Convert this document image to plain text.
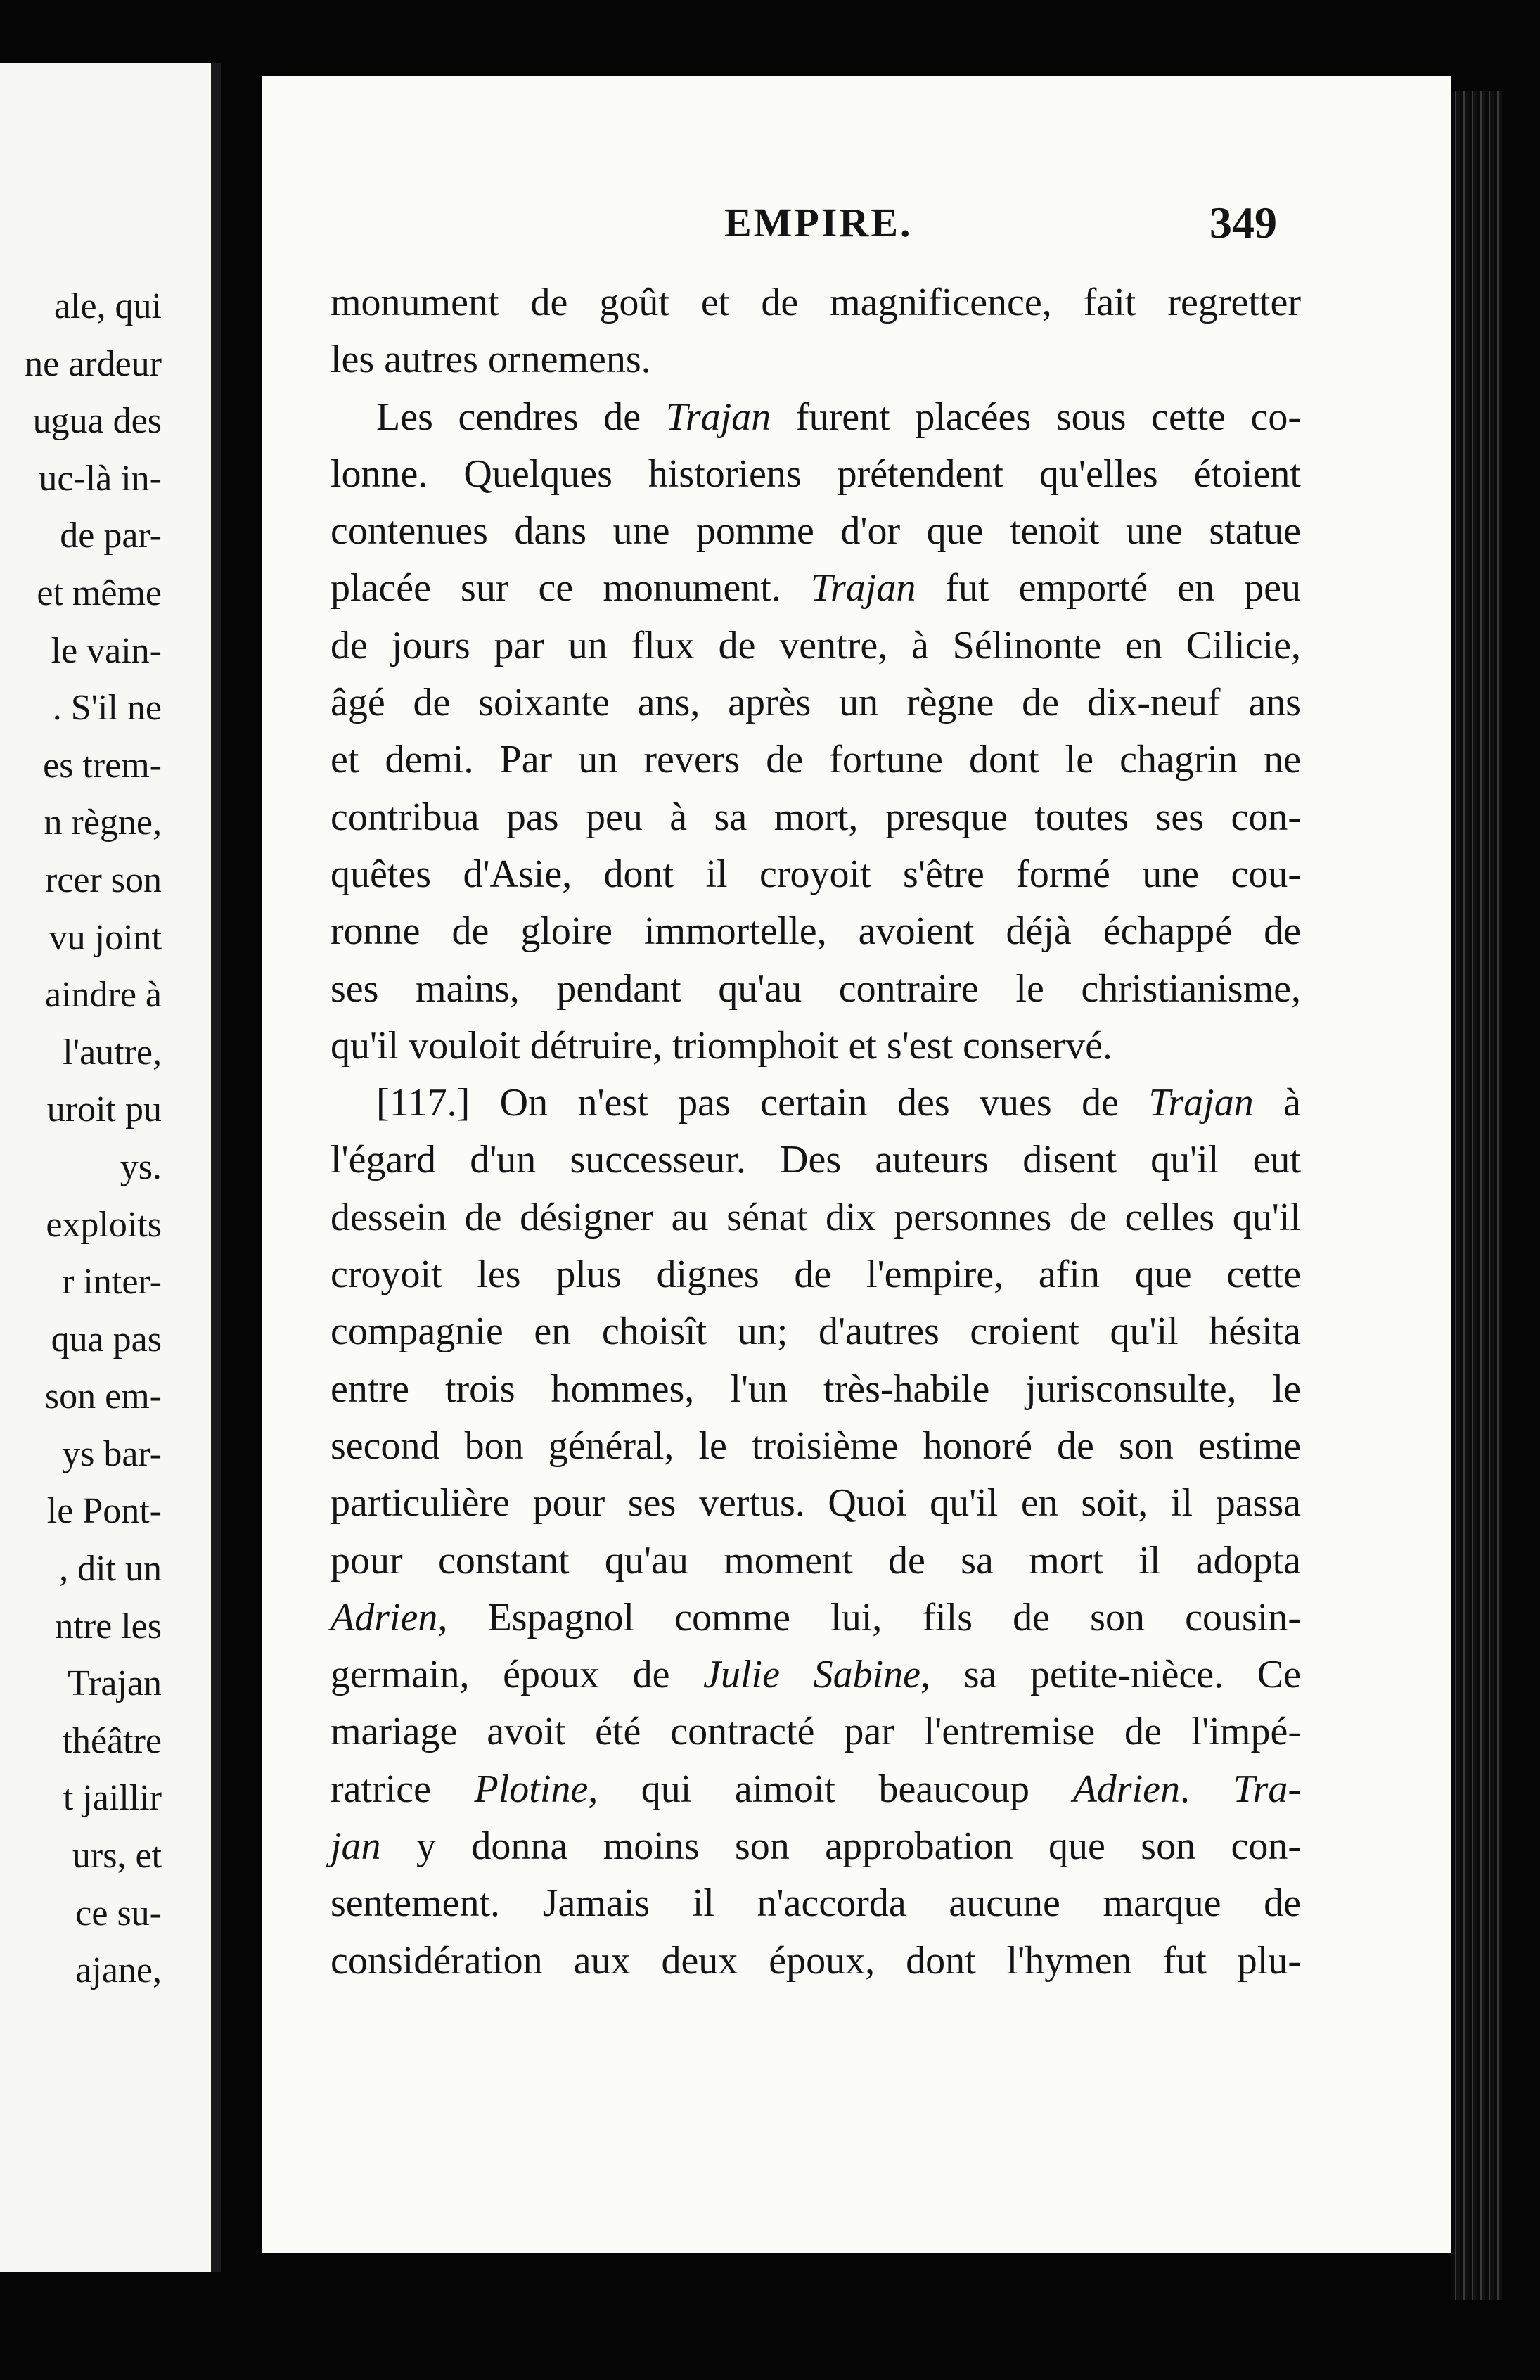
ale, qui
ne ardeur
ugua des
uc-là in-
de par-
et même
le vain-
. S'il ne
es trem-
n règne,
rcer son
vu joint
aindre à
l'autre,
uroit pu
ys.
exploits
r inter-
qua pas
son em-
ys bar-
le Pont-
, dit un
ntre les
Trajan
théâtre
t jaillir
urs, et
ce su-
ajane,
EMPIRE.	349
monument de goût et de magnificence, fait regretter
les autres ornemens.
Les cendres de Trajan furent placées sous cette co-
lonne. Quelques historiens prétendent qu'elles étoient
contenues dans une pomme d'or que tenoit une statue
placée sur ce monument. Trajan fut emporté en peu
de jours par un flux de ventre, à Sélinonte en Cilicie,
âgé de soixante ans, après un règne de dix-neuf ans
et demi. Par un revers de fortune dont le chagrin ne
contribua pas peu à sa mort, presque toutes ses con-
quêtes d'Asie, dont il croyoit s'être formé une cou-
ronne de gloire immortelle, avoient déjà échappé de
ses mains, pendant qu'au contraire le christianisme,
qu'il vouloit détruire, triomphoit et s'est conservé.
[117.] On n'est pas certain des vues de Trajan à
l'égard d'un successeur. Des auteurs disent qu'il eut
dessein de désigner au sénat dix personnes de celles qu'il
croyoit les plus dignes de l'empire, afin que cette
compagnie en choisît un; d'autres croient qu'il hésita
entre trois hommes, l'un très-habile jurisconsulte, le
second bon général, le troisième honoré de son estime
particulière pour ses vertus. Quoi qu'il en soit, il passa
pour constant qu'au moment de sa mort il adopta
Adrien, Espagnol comme lui, fils de son cousin-
germain, époux de Julie Sabine, sa petite-nièce. Ce
mariage avoit été contracté par l'entremise de l'impé-
ratrice Plotine, qui aimoit beaucoup Adrien. Tra-
jan y donna moins son approbation que son con-
sentement. Jamais il n'accorda aucune marque de
considération aux deux époux, dont l'hymen fut plu-
